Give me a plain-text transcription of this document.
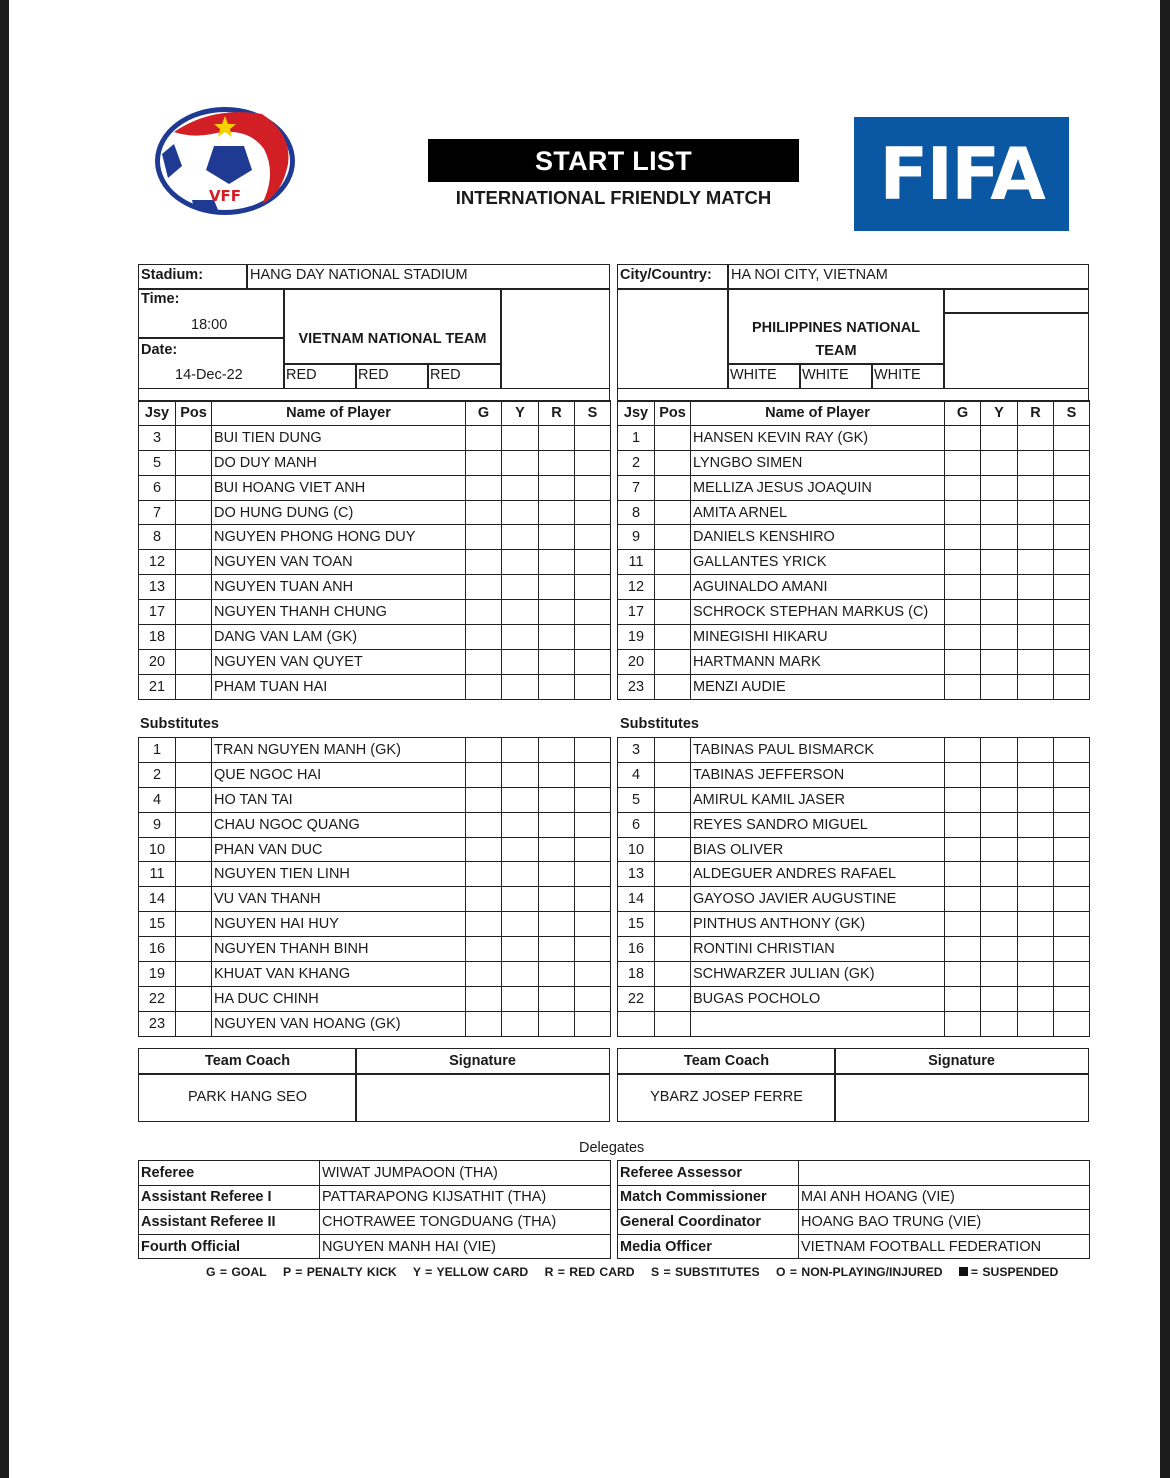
VFF
START LIST
INTERNATIONAL FRIENDLY MATCH	FIFA
Stadium:	HANG DAY NATIONAL STADIUM
Time:
18:00
Date:
14-Dec-22
VIETNAM NATIONAL TEAM
RED	RED	RED
City/Country:	HA NOI CITY, VIETNAM
PHILIPPINES NATIONAL
TEAM
WHITE	WHITE	WHITE
Jsy	Pos	Name of Player	G	Y	R	S
3		BUI TIEN DUNG				
5		DO DUY MANH				
6		BUI HOANG VIET ANH				
7		DO HUNG DUNG (C)				
8		NGUYEN PHONG HONG DUY				
12		NGUYEN VAN TOAN				
13		NGUYEN TUAN ANH				
17		NGUYEN THANH CHUNG				
18		DANG VAN LAM (GK)				
20		NGUYEN VAN QUYET				
21		PHAM TUAN HAI				
Jsy	Pos	Name of Player	G	Y	R	S
1		HANSEN KEVIN RAY (GK)				
2		LYNGBO SIMEN				
7		MELLIZA JESUS JOAQUIN				
8		AMITA ARNEL				
9		DANIELS KENSHIRO				
11		GALLANTES YRICK				
12		AGUINALDO AMANI				
17		SCHROCK STEPHAN MARKUS (C)				
19		MINEGISHI HIKARU				
20		HARTMANN MARK				
23		MENZI AUDIE				
Substitutes	Substitutes
1		TRAN NGUYEN MANH (GK)				
2		QUE NGOC HAI				
4		HO TAN TAI				
9		CHAU NGOC QUANG				
10		PHAN VAN DUC				
11		NGUYEN TIEN LINH				
14		VU VAN THANH				
15		NGUYEN HAI HUY				
16		NGUYEN THANH BINH				
19		KHUAT VAN KHANG				
22		HA DUC CHINH				
23		NGUYEN VAN HOANG (GK)				
3		TABINAS PAUL BISMARCK				
4		TABINAS JEFFERSON				
5		AMIRUL KAMIL JASER				
6		REYES SANDRO MIGUEL				
10		BIAS OLIVER				
13		ALDEGUER ANDRES RAFAEL				
14		GAYOSO JAVIER AUGUSTINE				
15		PINTHUS ANTHONY (GK)				
16		RONTINI CHRISTIAN				
18		SCHWARZER JULIAN (GK)				
22		BUGAS POCHOLO				

Team Coach	Signature
PARK HANG SEO
Team Coach	Signature
YBARZ JOSEP FERRE
Delegates
Referee	WIWAT JUMPAOON (THA)
Assistant Referee I	PATTARAPONG KIJSATHIT (THA)
Assistant Referee II	CHOTRAWEE TONGDUANG (THA)
Fourth Official	NGUYEN MANH HAI (VIE)
Referee Assessor	
Match Commissioner	MAI ANH HOANG (VIE)
General Coordinator	HOANG BAO TRUNG (VIE)
Media Officer	VIETNAM FOOTBALL FEDERATION
G = GOAL P = PENALTY KICK Y = YELLOW CARD R = RED CARD S = SUBSTITUTES O = NON-PLAYING/INJURED = SUSPENDED
